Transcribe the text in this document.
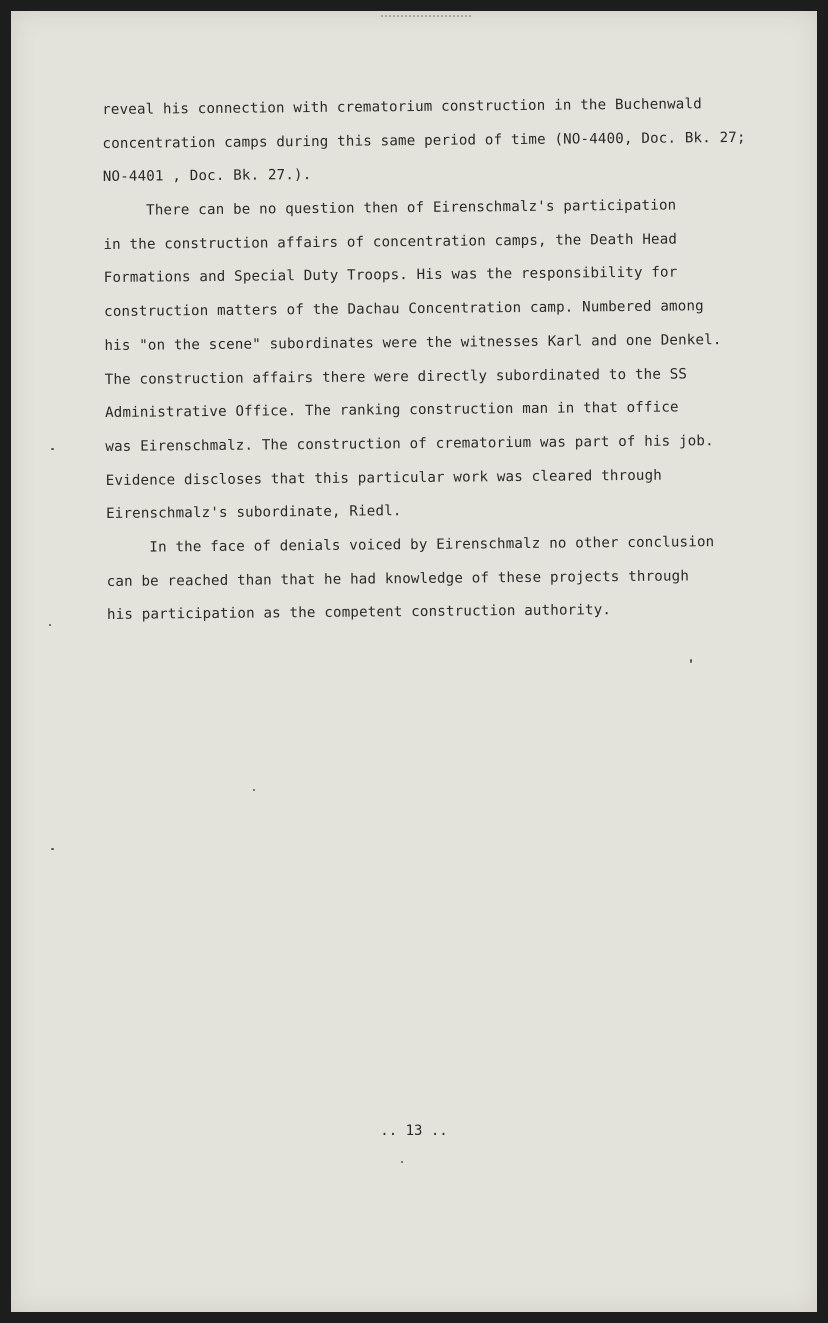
reveal his connection with crematorium construction in the Buchenwald
concentration camps during this same period of time (NO-4400, Doc. Bk. 27;
NO-4401 , Doc. Bk. 27.).
There can be no question then of Eirenschmalz's participation
in the construction affairs of concentration camps, the Death Head
Formations and Special Duty Troops. His was the responsibility for
construction matters of the Dachau Concentration camp. Numbered among
his "on the scene" subordinates were the witnesses Karl and one Denkel.
The construction affairs there were directly subordinated to the SS
Administrative Office. The ranking construction man in that office
was Eirenschmalz. The construction of crematorium was part of his job.
Evidence discloses that this particular work was cleared through
Eirenschmalz's subordinate, Riedl.
In the face of denials voiced by Eirenschmalz no other conclusion
can be reached than that he had knowledge of these projects through
his participation as the competent construction authority.
.. 13 ..
